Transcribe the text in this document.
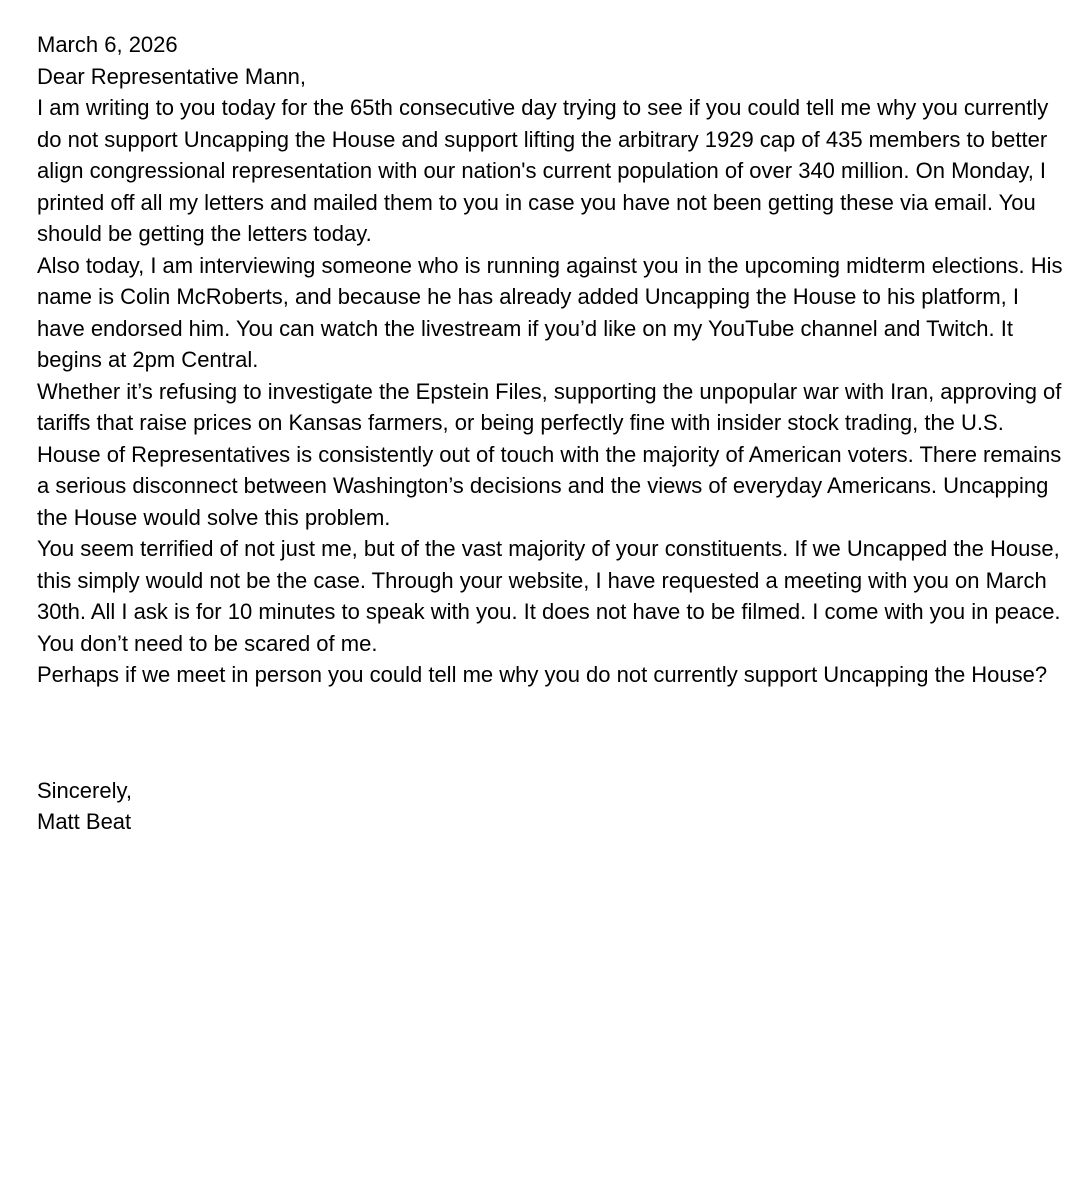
March 6, 2026

Dear Representative Mann,

I am writing to you today for the 65th consecutive day trying to see if you could tell me why you currently do not support Uncapping the House and support lifting the arbitrary 1929 cap of 435 members to better align congressional representation with our nation's current population of over 340 million. On Monday, I printed off all my letters and mailed them to you in case you have not been getting these via email. You should be getting the letters today.

Also today, I am interviewing someone who is running against you in the upcoming midterm elections. His name is Colin McRoberts, and because he has already added Uncapping the House to his platform, I have endorsed him. You can watch the livestream if you’d like on my YouTube channel and Twitch. It begins at 2pm Central.

Whether it’s refusing to investigate the Epstein Files, supporting the unpopular war with Iran, approving of tariffs that raise prices on Kansas farmers, or being perfectly fine with insider stock trading, the U.S. House of Representatives is consistently out of touch with the majority of American voters. There remains a serious disconnect between Washington’s decisions and the views of everyday Americans. Uncapping the House would solve this problem.

You seem terrified of not just me, but of the vast majority of your constituents. If we Uncapped the House, this simply would not be the case. Through your website, I have requested a meeting with you on March 30th. All I ask is for 10 minutes to speak with you. It does not have to be filmed. I come with you in peace. You don’t need to be scared of me.

Perhaps if we meet in person you could tell me why you do not currently support Uncapping the House?

Sincerely,

Matt Beat
